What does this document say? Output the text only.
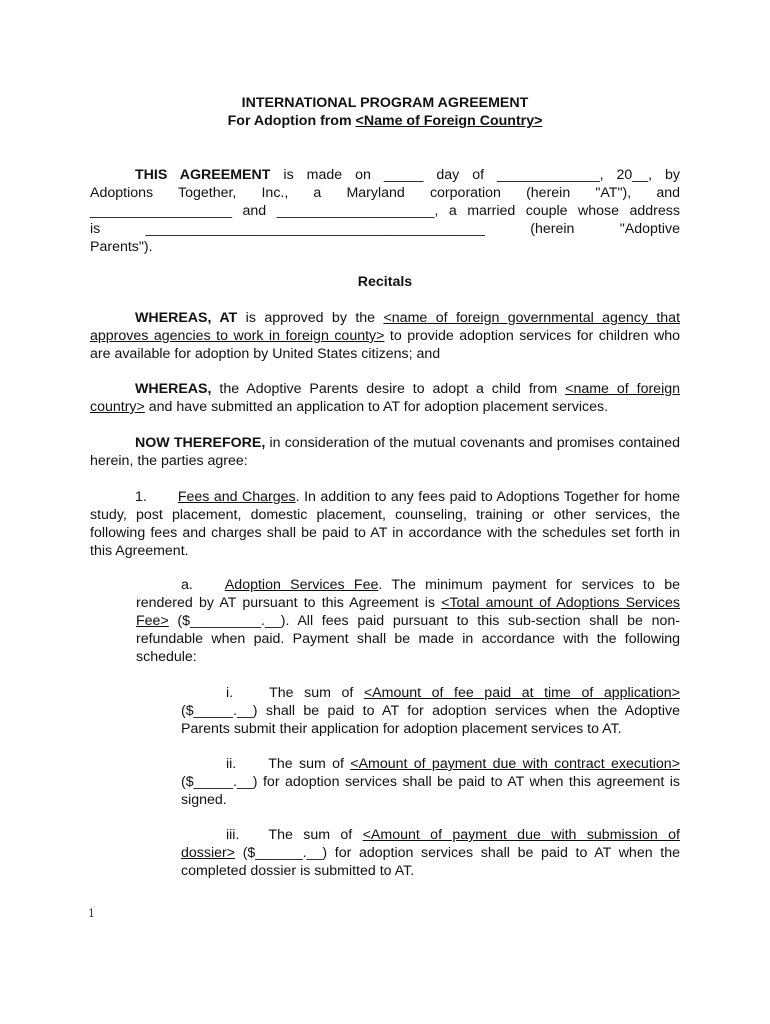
INTERNATIONAL PROGRAM AGREEMENT
For Adoption from <Name of Foreign Country>
THIS AGREEMENT is made on _____ day of _____________, 20__, by
Adoptions Together, Inc., a Maryland corporation (herein "AT"), and
__________________ and ____________________, a married couple whose address
is ___________________________________________ (herein "Adoptive
Parents").
Recitals
WHEREAS, AT is approved by the <name of foreign governmental agency that approves agencies to work in foreign county> to provide adoption services for children who are available for adoption by United States citizens; and
WHEREAS, the Adoptive Parents desire to adopt a child from <name of foreign country> and have submitted an application to AT for adoption placement services.
NOW THEREFORE, in consideration of the mutual covenants and promises contained herein, the parties agree:
1. Fees and Charges. In addition to any fees paid to Adoptions Together for home study, post placement, domestic placement, counseling, training or other services, the following fees and charges shall be paid to AT in accordance with the schedules set forth in this Agreement.
a. Adoption Services Fee. The minimum payment for services to be rendered by AT pursuant to this Agreement is <Total amount of Adoptions Services Fee> ($_________.__). All fees paid pursuant to this sub-section shall be non-refundable when paid. Payment shall be made in accordance with the following schedule:
i.	The sum of <Amount of fee paid at time of application> ($_____.__) shall be paid to AT for adoption services when the Adoptive Parents submit their application for adoption placement services to AT.
ii. The sum of <Amount of payment due with contract execution> ($_____.__) for adoption services shall be paid to AT when this agreement is signed.
iii. The sum of <Amount of payment due with submission of dossier> ($______.__) for adoption services shall be paid to AT when the completed dossier is submitted to AT.
1
